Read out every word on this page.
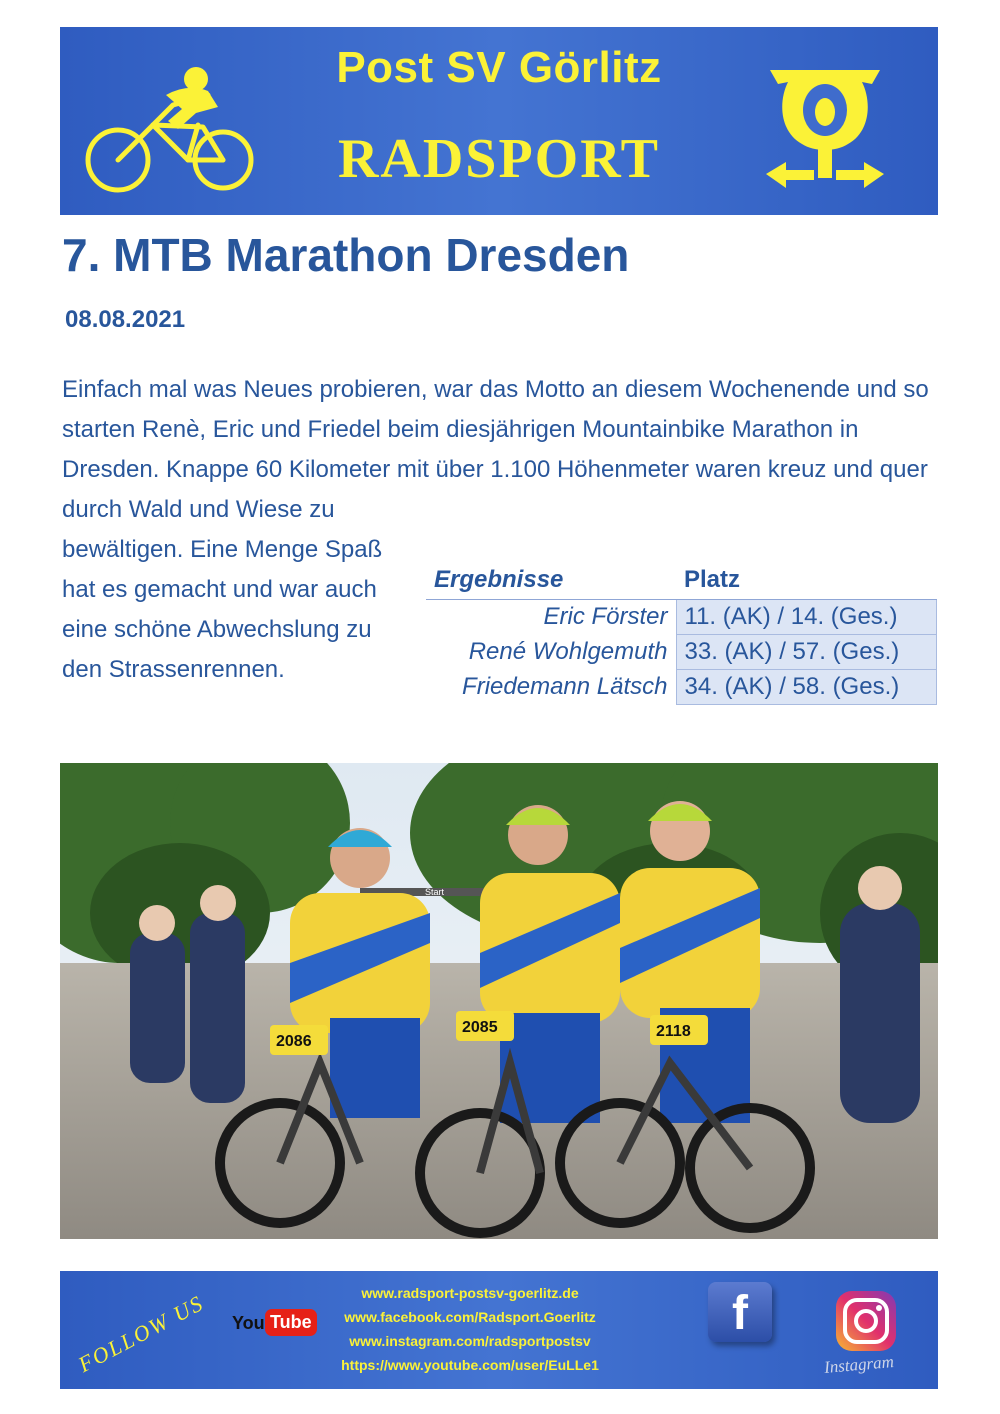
Post SV Görlitz
RADSPORT
7. MTB Marathon Dresden
08.08.2021

Einfach mal was Neues probieren, war das Motto an diesem Wochenende und so starten Renè, Eric und Friedel beim diesjährigen Mountainbike Marathon in Dresden. Knappe 60 Kilometer mit über 1.100 Höhenmeter waren kreuz und quer durch Wald und Wiese zu

bewältigen. Eine Menge Spaß hat es gemacht und war auch eine schöne Abwechslung zu den Strassenrennen.

Ergebnisse	Platz
Eric Förster	11. (AK) / 14. (Ges.)
René Wohlgemuth	33. (AK) / 57. (Ges.)
Friedemann Lätsch	34. (AK) / 58. (Ges.)
Start
2086
2085	2118
FOLLOW US You Tube
www.radsport-postsv-goerlitz.de
www.facebook.com/Radsport.Goerlitz
www.instagram.com/radsportpostsv
https://www.youtube.com/user/EuLLe1
f
Instagram
